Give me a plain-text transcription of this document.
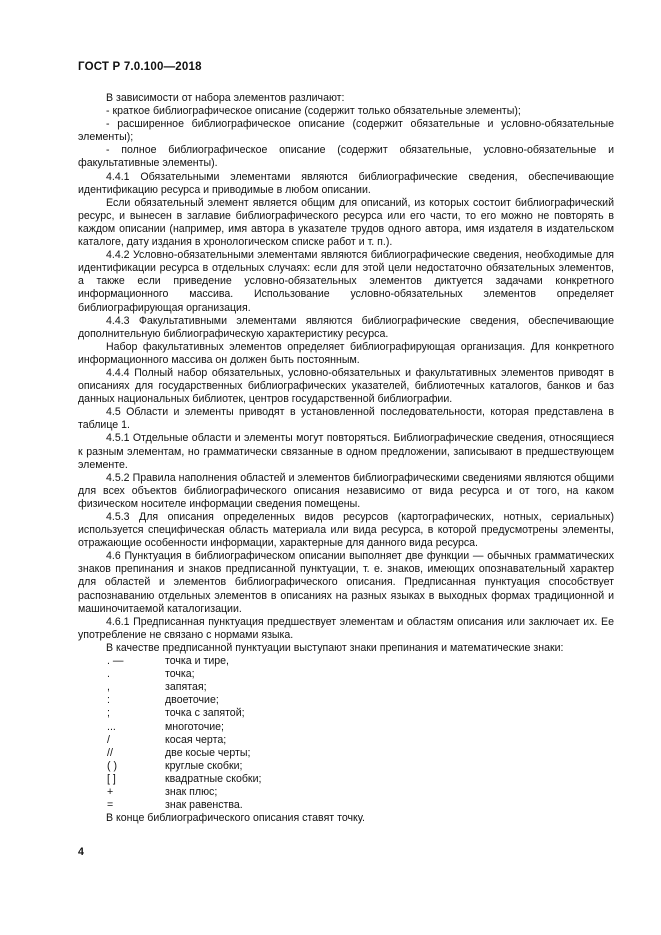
ГОСТ Р 7.0.100—2018

В зависимости от набора элементов различают:

- краткое библиографическое описание (содержит только обязательные элементы);

- расширенное библиографическое описание (содержит обязательные и условно-обязательные элементы);

- полное библиографическое описание (содержит обязательные, условно-обязательные и факультативные элементы).

4.4.1 Обязательными элементами являются библиографические сведения, обеспечивающие идентификацию ресурса и приводимые в любом описании.

Если обязательный элемент является общим для описаний, из которых состоит библиографический ресурс, и вынесен в заглавие библиографического ресурса или его части, то его можно не повторять в каждом описании (например, имя автора в указателе трудов одного автора, имя издателя в издательском каталоге, дату издания в хронологическом списке работ и т. п.).

4.4.2 Условно-обязательными элементами являются библиографические сведения, необходимые для идентификации ресурса в отдельных случаях: если для этой цели недостаточно обязательных элементов, а также если приведение условно-обязательных элементов диктуется задачами конкретного информационного массива. Использование условно-обязательных элементов определяет библиографирующая организация.

4.4.3 Факультативными элементами являются библиографические сведения, обеспечивающие дополнительную библиографическую характеристику ресурса.

Набор факультативных элементов определяет библиографирующая организация. Для конкретного информационного массива он должен быть постоянным.

4.4.4 Полный набор обязательных, условно-обязательных и факультативных элементов приводят в описаниях для государственных библиографических указателей, библиотечных каталогов, банков и баз данных национальных библиотек, центров государственной библиографии.

4.5 Области и элементы приводят в установленной последовательности, которая представлена в таблице 1.

4.5.1 Отдельные области и элементы могут повторяться. Библиографические сведения, относящиеся к разным элементам, но грамматически связанные в одном предложении, записывают в предшествующем элементе.

4.5.2 Правила наполнения областей и элементов библиографическими сведениями являются общими для всех объектов библиографического описания независимо от вида ресурса и от того, на каком физическом носителе информации сведения помещены.

4.5.3 Для описания определенных видов ресурсов (картографических, нотных, сериальных) используется специфическая область материала или вида ресурса, в которой предусмотрены элементы, отражающие особенности информации, характерные для данного вида ресурса.

4.6 Пунктуация в библиографическом описании выполняет две функции — обычных грамматических знаков препинания и знаков предписанной пунктуации, т. е. знаков, имеющих опознавательный характер для областей и элементов библиографического описания. Предписанная пунктуация способствует распознаванию отдельных элементов в описаниях на разных языках в выходных формах традиционной и машиночитаемой каталогизации.

4.6.1 Предписанная пунктуация предшествует элементам и областям описания или заключает их. Ее употребление не связано с нормами языка.

В качестве предписанной пунктуации выступают знаки препинания и математические знаки:

. —	точка и тире,
.	точка;
,	запятая;
:	двоеточие;
;	точка с запятой;
...	многоточие;
/	косая черта;
//	две косые черты;
( )	круглые скобки;
[ ]	квадратные скобки;
+	знак плюс;
=	знак равенства.

В конце библиографического описания ставят точку.

4
